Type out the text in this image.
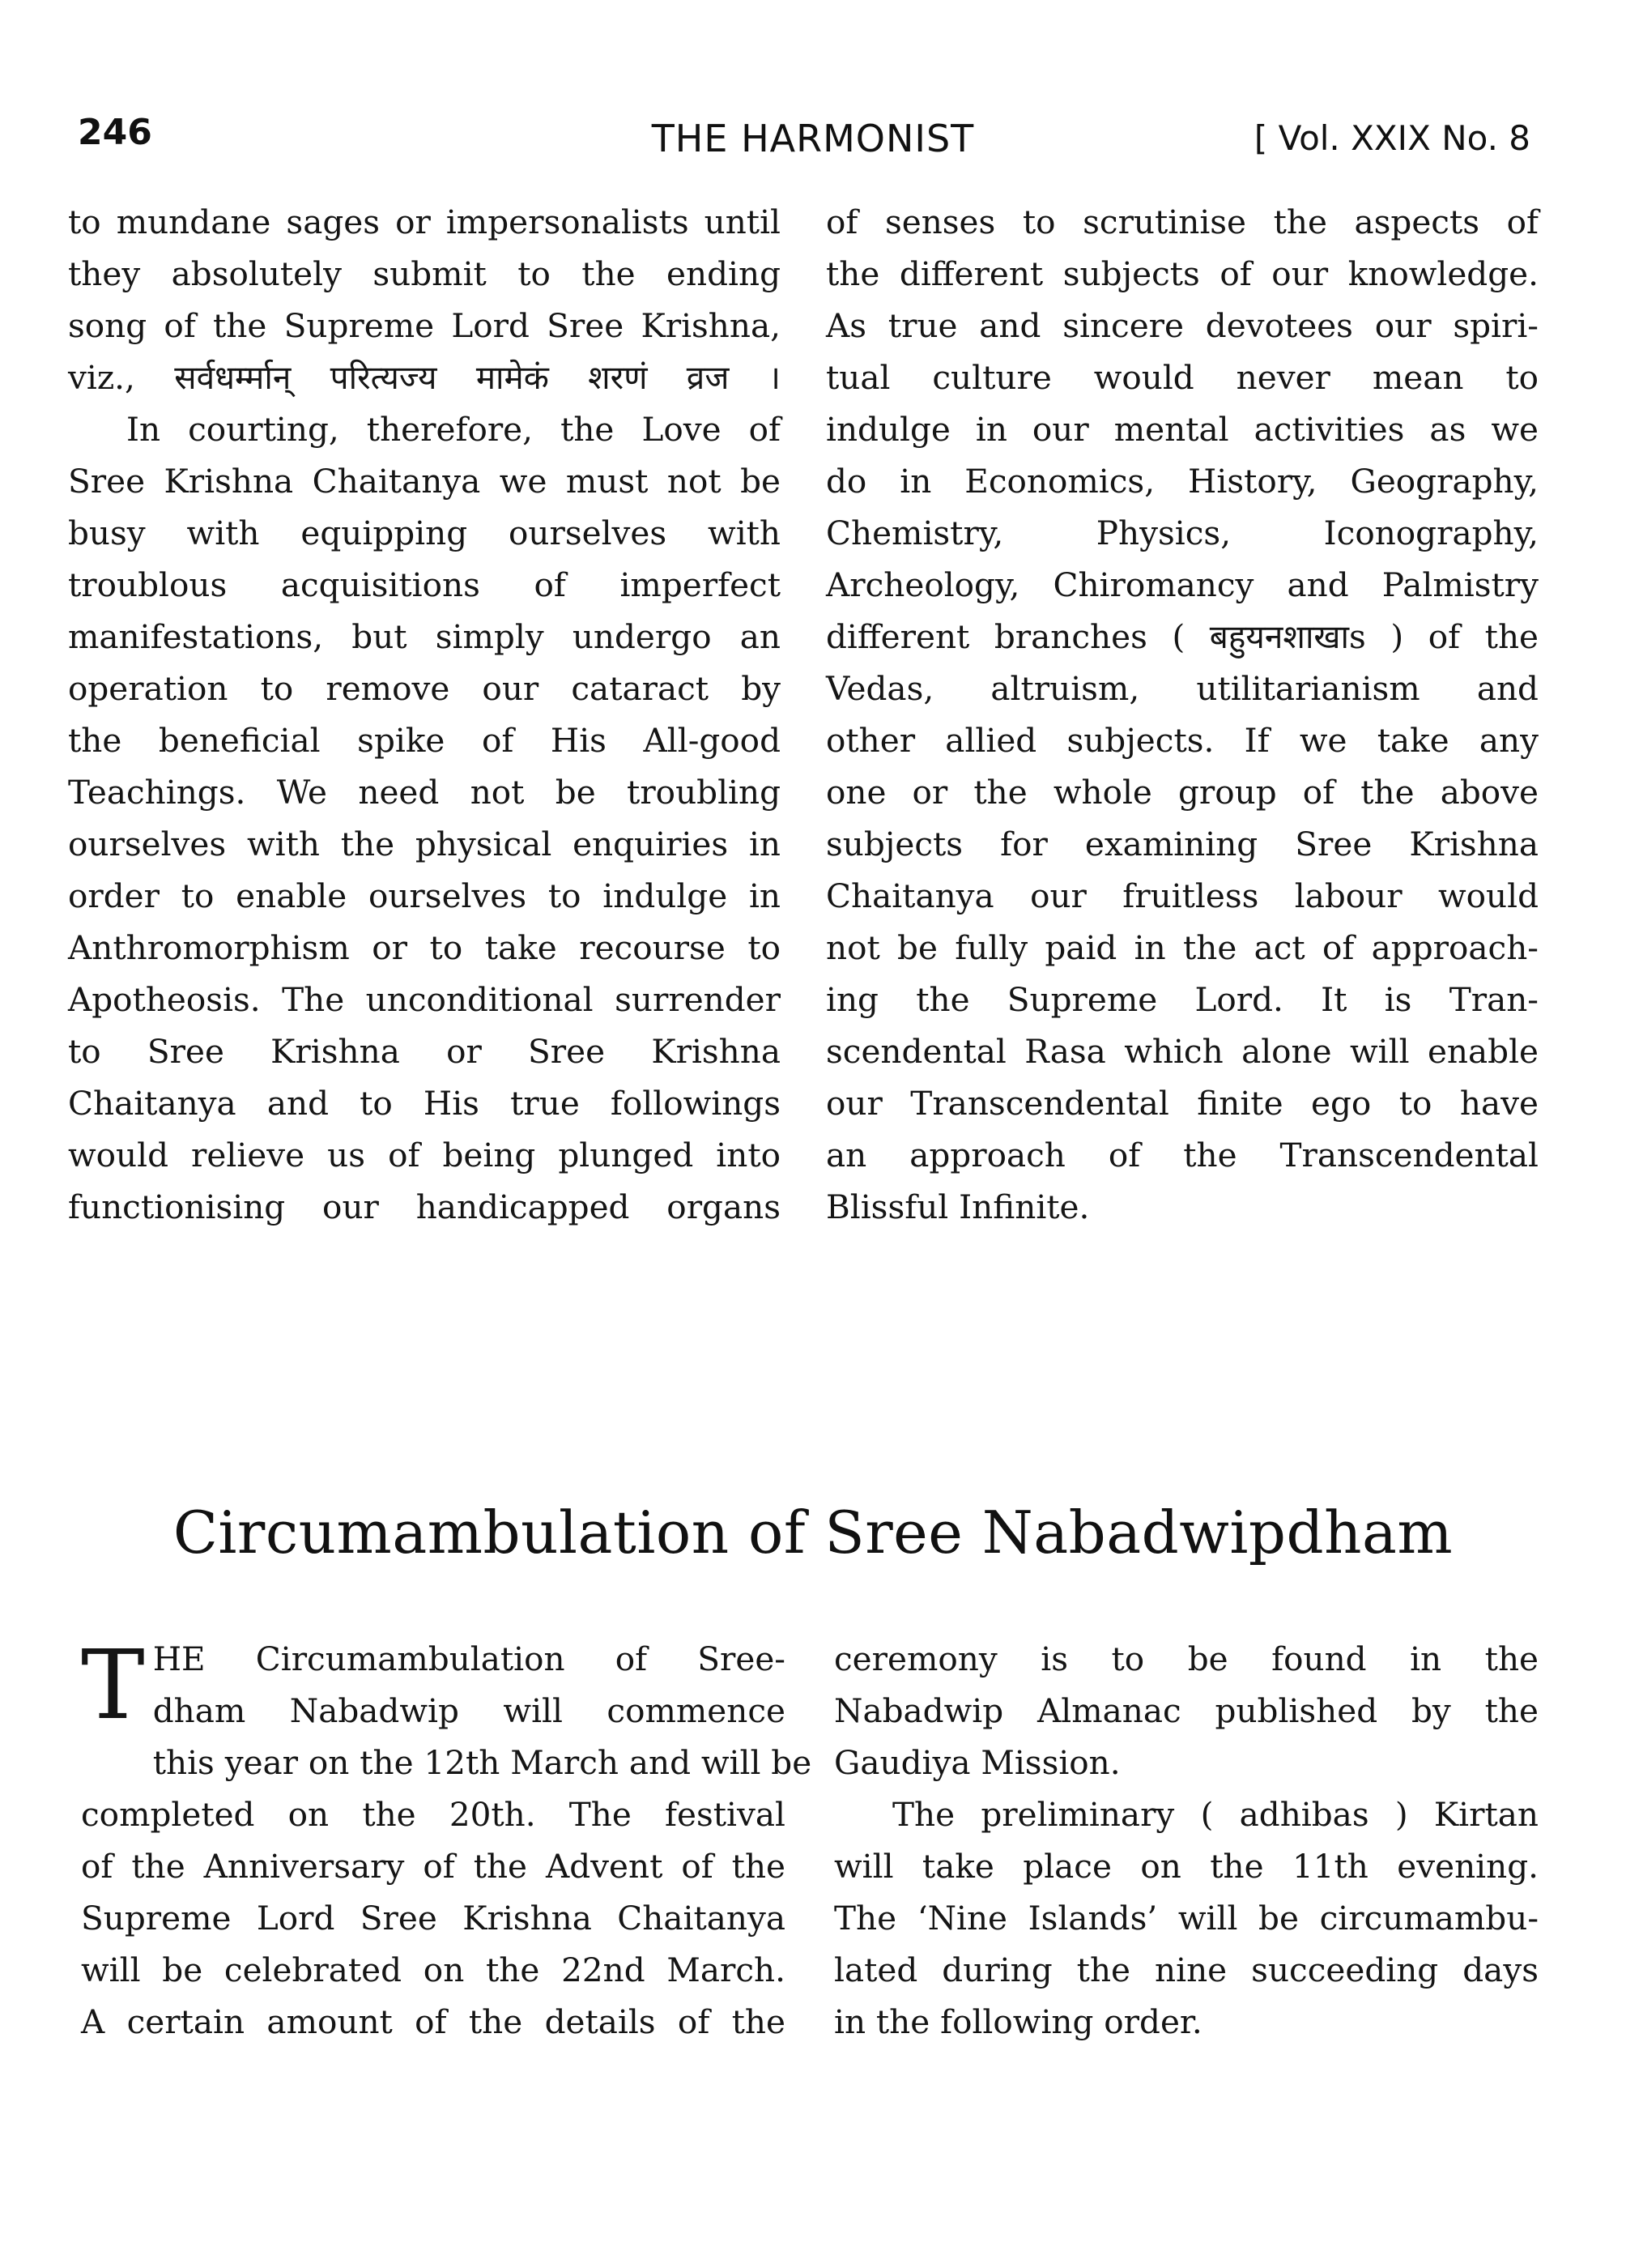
246	THE HARMONIST	[ Vol. XXIX No. 8
to mundane sages or impersonalists until
they absolutely submit to the ending
song of the Supreme Lord Sree Krishna,
viz., सर्वधर्म्मान् परित्यज्य मामेकं शरणं व्रज ।
In courting, therefore, the Love of
Sree Krishna Chaitanya we must not be
busy with equipping ourselves with
troublous acquisitions of imperfect
manifestations, but simply undergo an
operation to remove our cataract by
the beneficial spike of His All-good
Teachings. We need not be troubling
ourselves with the physical enquiries in
order to enable ourselves to indulge in
Anthromorphism or to take recourse to
Apotheosis. The unconditional surrender
to Sree Krishna or Sree Krishna
Chaitanya and to His true followings
would relieve us of being plunged into
functionising our handicapped organs
of senses to scrutinise the aspects of
the different subjects of our knowledge.
As true and sincere devotees our spiri-
tual culture would never mean to
indulge in our mental activities as we
do in Economics, History, Geography,
Chemistry, Physics, Iconography,
Archeology, Chiromancy and Palmistry
different branches ( बहुयनशाखाs ) of the
Vedas, altruism, utilitarianism and
other allied subjects. If we take any
one or the whole group of the above
subjects for examining Sree Krishna
Chaitanya our fruitless labour would
not be fully paid in the act of approach-
ing the Supreme Lord. It is Tran-
scendental Rasa which alone will enable
our Transcendental finite ego to have
an approach of the Transcendental
Blissful Infinite.
Circumambulation of Sree Nabadwipdham
T HE Circumambulation of Sree-
dham Nabadwip will commence
this year on the 12th March and will be
completed on the 20th. The festival
of the Anniversary of the Advent of the
Supreme Lord Sree Krishna Chaitanya
will be celebrated on the 22nd March.
A certain amount of the details of the
ceremony is to be found in the
Nabadwip Almanac published by the
Gaudiya Mission.
The preliminary ( adhibas ) Kirtan
will take place on the 11th evening.
The ‘Nine Islands’ will be circumambu-
lated during the nine succeeding days
in the following order.
